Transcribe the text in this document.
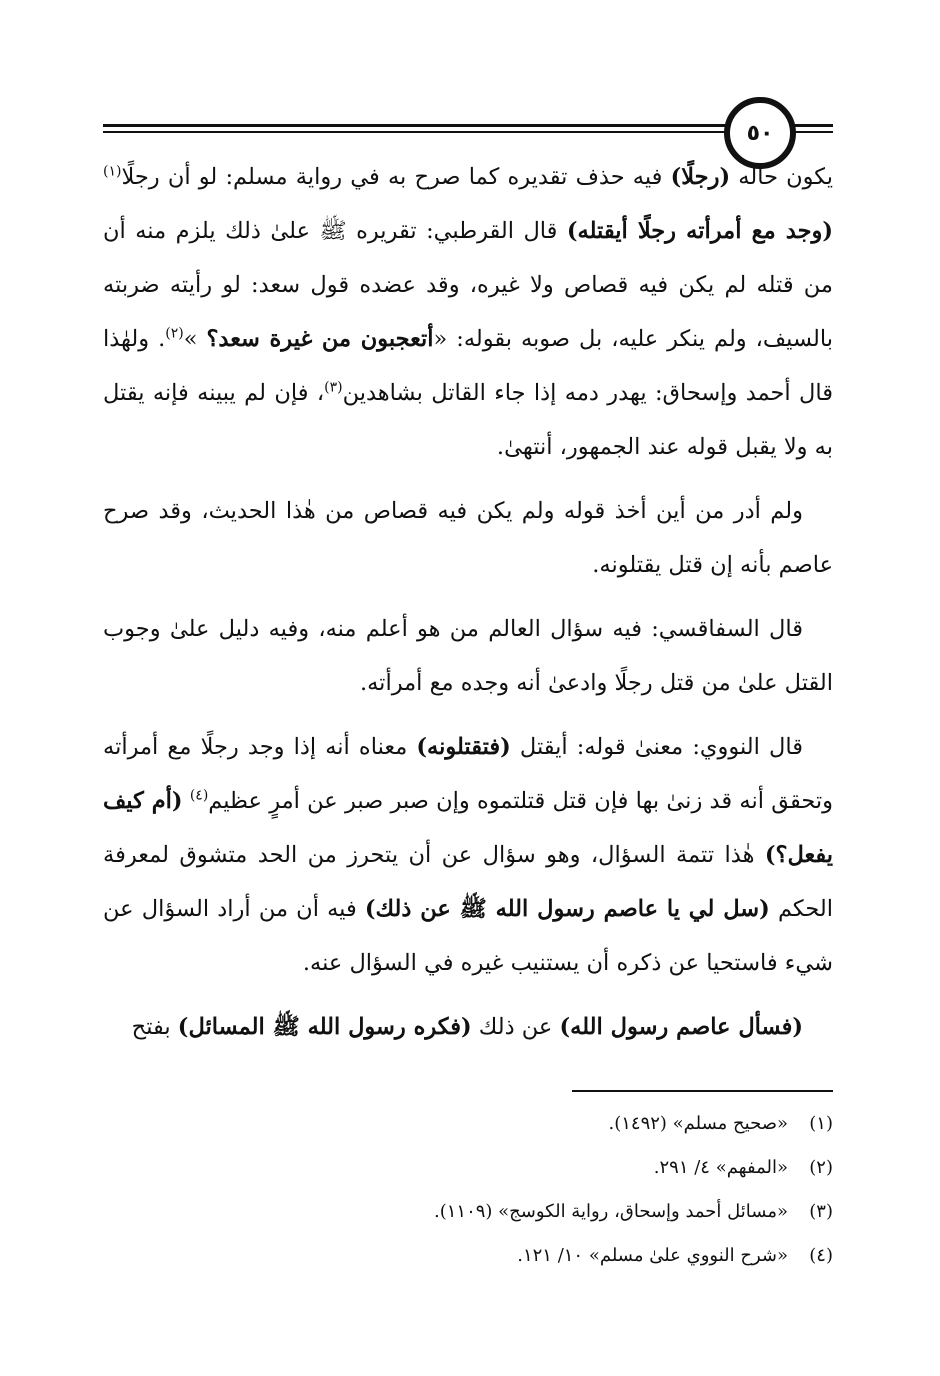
٥٠

يكون حاله (رجلًا) فيه حذف تقديره كما صرح به في رواية مسلم: لو أن رجلًا$^{(١)}$ (وجد مع أمرأته رجلًا أيقتله) قال القرطبي: تقريره ﷺ علىٰ ذلك يلزم منه أن من قتله لم يكن فيه قصاص ولا غيره، وقد عضده قول سعد: لو رأيته ضربته بالسيف، ولم ينكر عليه، بل صوبه بقوله: «أتعجبون من غيرة سعد؟ »$^{(٢)}$. ولهٰذا قال أحمد وإسحاق: يهدر دمه إذا جاء القاتل بشاهدين$^{(٣)}$، فإن لم يبينه فإنه يقتل به ولا يقبل قوله عند الجمهور، أنتهىٰ.

ولم أدر من أين أخذ قوله ولم يكن فيه قصاص من هٰذا الحديث، وقد صرح عاصم بأنه إن قتل يقتلونه.

قال السفاقسي: فيه سؤال العالم من هو أعلم منه، وفيه دليل علىٰ وجوب القتل علىٰ من قتل رجلًا وادعىٰ أنه وجده مع أمرأته.

قال النووي: معنىٰ قوله: أيقتل (فتقتلونه) معناه أنه إذا وجد رجلًا مع أمرأته وتحقق أنه قد زنىٰ بها فإن قتل قتلتموه وإن صبر صبر عن أمرٍ عظيم$^{(٤)}$ (أم كيف يفعل؟) هٰذا تتمة السؤال، وهو سؤال عن أن يتحرز من الحد متشوق لمعرفة الحكم (سل لي يا عاصم رسول الله ﷺ عن ذلك) فيه أن من أراد السؤال عن شيء فاستحيا عن ذكره أن يستنيب غيره في السؤال عنه.

(فسأل عاصم رسول الله) عن ذلك (فكره رسول الله ﷺ المسائل) بفتح

(١)
«صحيح مسلم» (١٤٩٢).
(٢)
«المفهم» ٤/ ٢٩١.
(٣)
«مسائل أحمد وإسحاق، رواية الكوسج» (١١٠٩).
(٤)
«شرح النووي علىٰ مسلم» ١٠/ ١٢١.
